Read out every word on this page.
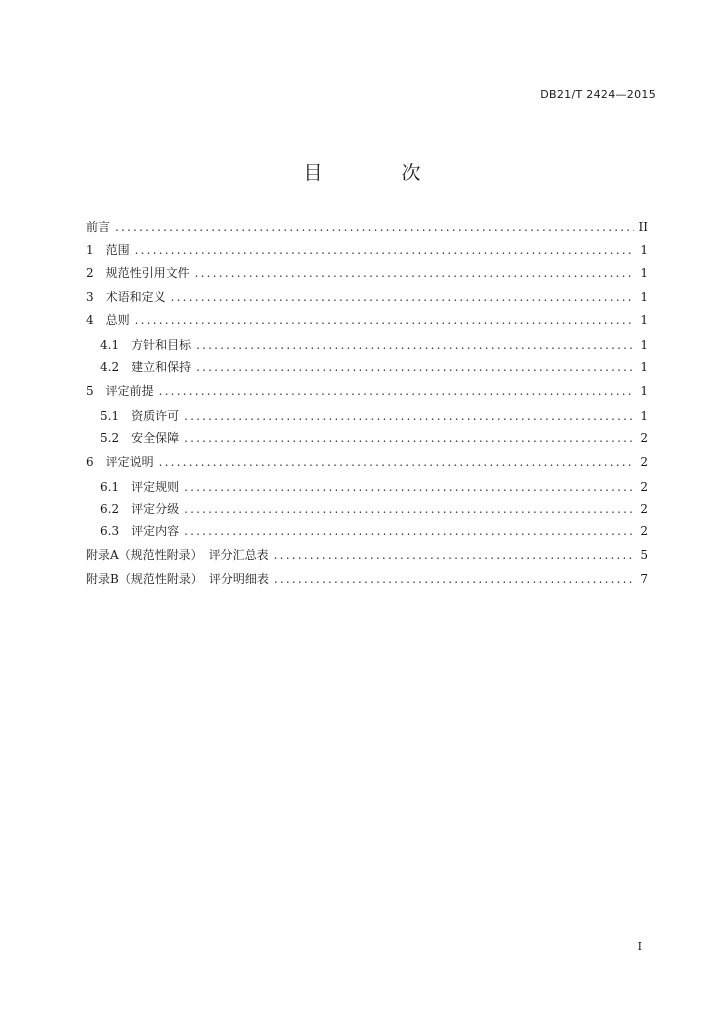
DB21/T 2424—2015
目　次
前言 .....	II
1 范围 .....	1
2 规范性引用文件 .....	1
3 术语和定义 .....	1
4 总则 .....	1
4.1 方针和目标 .....	1
4.2 建立和保持 .....	1
5 评定前提 .....	1
5.1 资质许可 .....	1
5.2 安全保障 .....	2
6 评定说明 .....	2
6.1 评定规则 .....	2
6.2 评定分级 .....	2
6.3 评定内容 .....	2
附录A（规范性附录）　评分汇总表 .....	5
附录B（规范性附录）　评分明细表 .....	7
I
